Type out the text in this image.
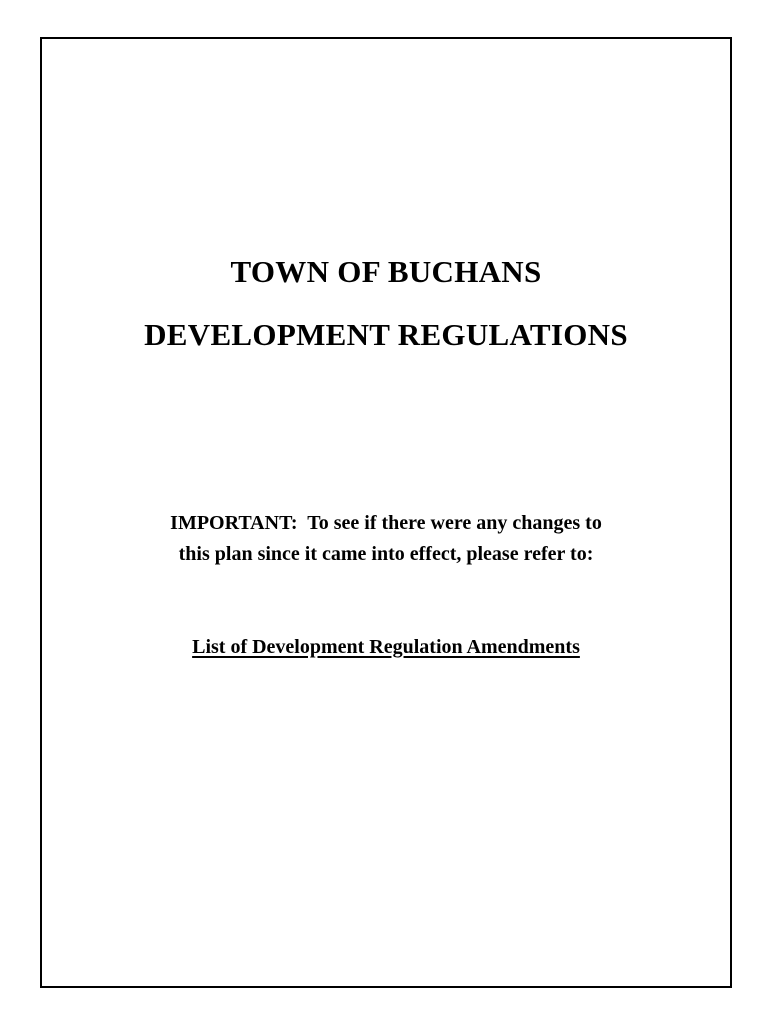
TOWN OF BUCHANS
DEVELOPMENT REGULATIONS
IMPORTANT:  To see if there were any changes to
this plan since it came into effect, please refer to:
List of Development Regulation Amendments
